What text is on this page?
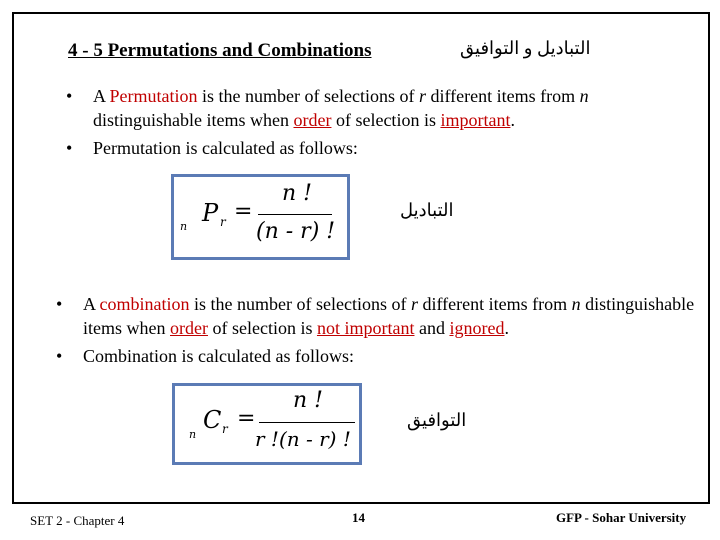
4 - 5 Permutations and Combinations	التباديل و التوافيق
• A Permutation is the number of selections of r different items from n distinguishable items when order of selection is important.
• Permutation is calculated as follows:
n P r =
n !
(n - r) !
التباديل
• A combination is the number of selections of r different items from n distinguishable items when order of selection is not important and ignored.
• Combination is calculated as follows:
n
C r =
n !
r !(n - r) !
التوافيق
SET 2 - Chapter 4	14	GFP - Sohar University
